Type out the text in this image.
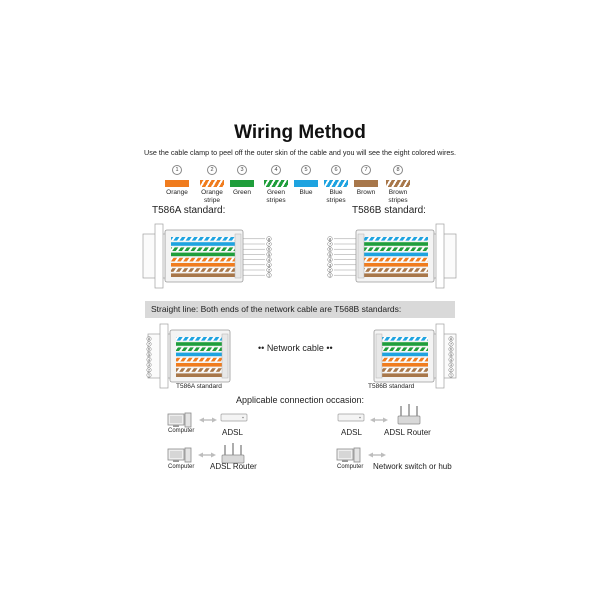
Wiring Method
Use the cable clamp to peel off the outer skin of the cable and you will see the eight colored wires.
1
Orange
2
Orange
stripe
3
Green
4
Green
stripes
5
Blue
6
Blue
stripes
7
Brown
8
Brown
stripes
T586A standard:	T586B standard:
8
7
6
5
4
3
2
1
8
7
6
5
4
3
2
1
8
7
6
5
4
3
2
1
8
7
6
5
4
3
2
1
Straight line: Both ends of the network cable are T568B standards:
T586A standard	T586B standard
•• Network cable ••
Applicable connection occasion:
Computer	ADSL
Computer ADSL Router
ADSL	ADSL Router
Computer Network switch or hub
